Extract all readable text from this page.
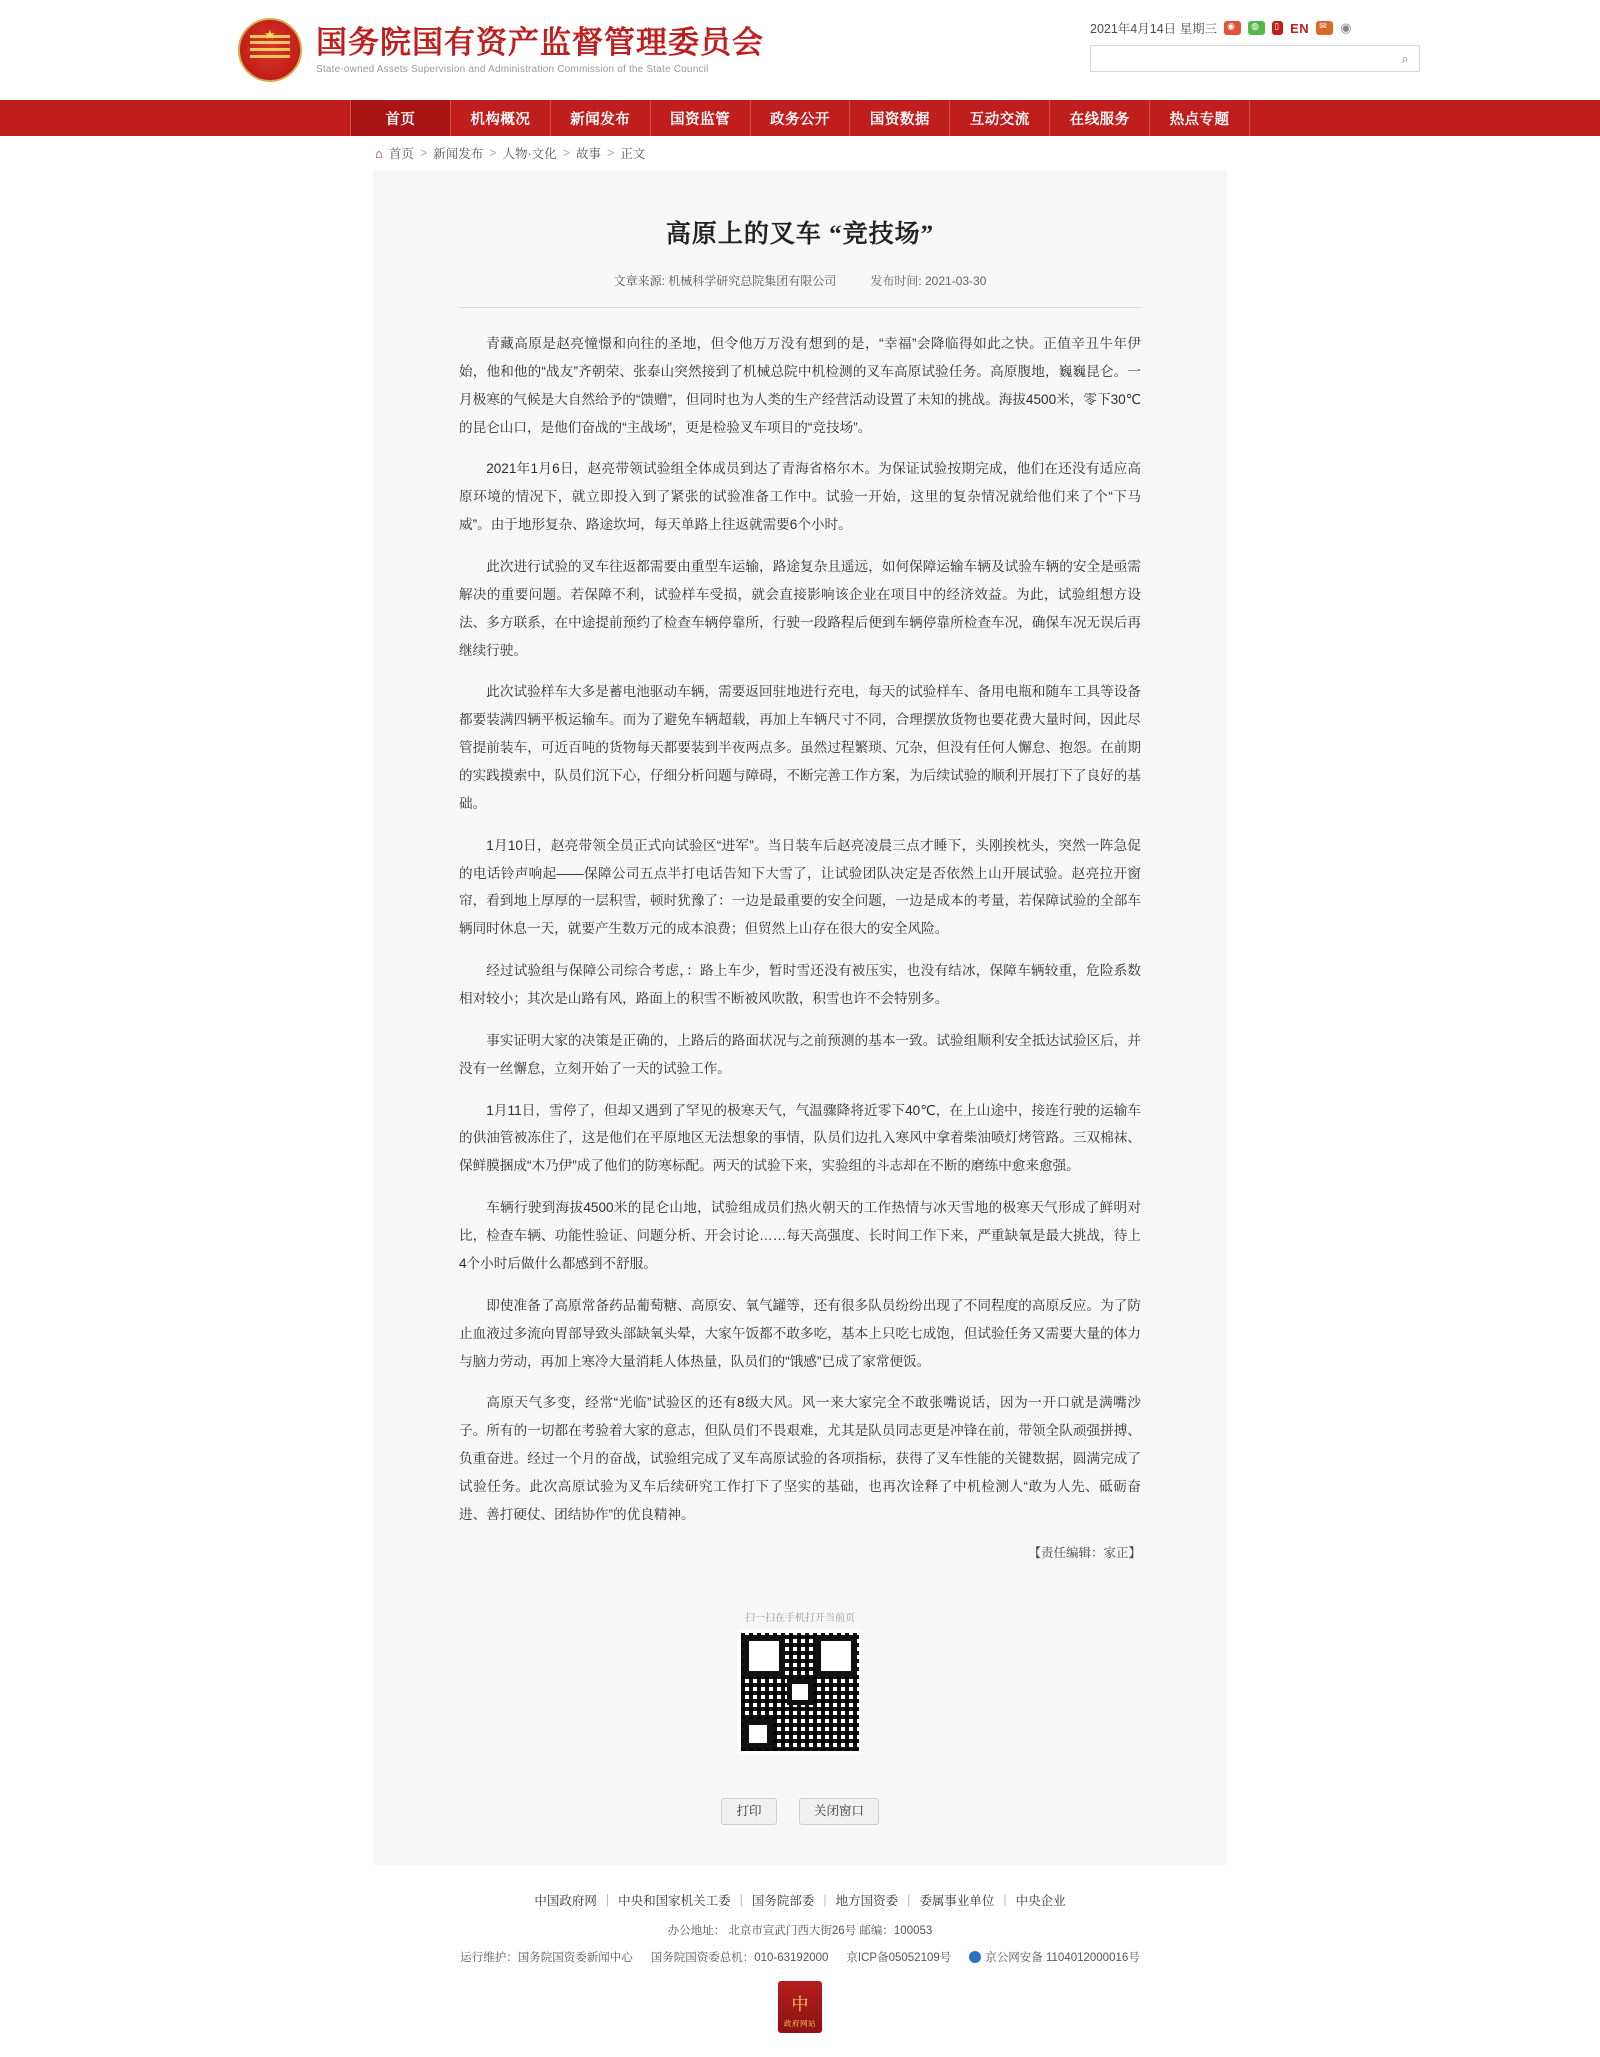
★
国务院国有资产监督管理委员会
State-owned Assets Supervision and Administration Commission of the State Council
2021年4月14日 星期三 ◉ ◍ ▯	EN ✉ ◉
⌕
首页	机构概况	新闻发布	国资监管	政务公开	国资数据	互动交流	在线服务	热点专题
⌂ 首页 > 新闻发布 > 人物·文化 > 故事 > 正文
高原上的叉车 “竞技场”
文章来源: 机械科学研究总院集团有限公司	发布时间: 2021-03-30

青藏高原是赵亮憧憬和向往的圣地，但令他万万没有想到的是，“幸福”会降临得如此之快。正值辛丑牛年伊始，他和他的“战友”齐朝荣、张泰山突然接到了机械总院中机检测的叉车高原试验任务。高原腹地，巍巍昆仑。一月极寒的气候是大自然给予的“馈赠”，但同时也为人类的生产经营活动设置了未知的挑战。海拔4500米，零下30℃的昆仑山口，是他们奋战的“主战场”，更是检验叉车项目的“竞技场”。

2021年1月6日，赵亮带领试验组全体成员到达了青海省格尔木。为保证试验按期完成，他们在还没有适应高原环境的情况下，就立即投入到了紧张的试验准备工作中。试验一开始，这里的复杂情况就给他们来了个“下马威”。由于地形复杂、路途坎坷，每天单路上往返就需要6个小时。

此次进行试验的叉车往返都需要由重型车运输，路途复杂且遥远，如何保障运输车辆及试验车辆的安全是亟需解决的重要问题。若保障不利，试验样车受损，就会直接影响该企业在项目中的经济效益。为此，试验组想方设法、多方联系，在中途提前预约了检查车辆停靠所，行驶一段路程后便到车辆停靠所检查车况，确保车况无误后再继续行驶。

此次试验样车大多是蓄电池驱动车辆，需要返回驻地进行充电，每天的试验样车、备用电瓶和随车工具等设备都要装满四辆平板运输车。而为了避免车辆超载，再加上车辆尺寸不同，合理摆放货物也要花费大量时间，因此尽管提前装车，可近百吨的货物每天都要装到半夜两点多。虽然过程繁琐、冗杂，但没有任何人懈怠、抱怨。在前期的实践摸索中，队员们沉下心，仔细分析问题与障碍，不断完善工作方案，为后续试验的顺利开展打下了良好的基础。

1月10日，赵亮带领全员正式向试验区“进军”。当日装车后赵亮凌晨三点才睡下，头刚挨枕头，突然一阵急促的电话铃声响起——保障公司五点半打电话告知下大雪了，让试验团队决定是否依然上山开展试验。赵亮拉开窗帘，看到地上厚厚的一层积雪，顿时犹豫了：一边是最重要的安全问题，一边是成本的考量，若保障试验的全部车辆同时休息一天，就要产生数万元的成本浪费；但贸然上山存在很大的安全风险。

经过试验组与保障公司综合考虑，：路上车少，暂时雪还没有被压实，也没有结冰，保障车辆较重，危险系数相对较小；其次是山路有风，路面上的积雪不断被风吹散，积雪也许不会特别多。

事实证明大家的决策是正确的，上路后的路面状况与之前预测的基本一致。试验组顺利安全抵达试验区后，并没有一丝懈怠，立刻开始了一天的试验工作。

1月11日，雪停了，但却又遇到了罕见的极寒天气，气温骤降将近零下40℃，在上山途中，接连行驶的运输车的供油管被冻住了，这是他们在平原地区无法想象的事情，队员们边扎入寒风中拿着柴油喷灯烤管路。三双棉袜、保鲜膜捆成“木乃伊”成了他们的防寒标配。两天的试验下来，实验组的斗志却在不断的磨练中愈来愈强。

车辆行驶到海拔4500米的昆仑山地，试验组成员们热火朝天的工作热情与冰天雪地的极寒天气形成了鲜明对比，检查车辆、功能性验证、问题分析、开会讨论……每天高强度、长时间工作下来，严重缺氧是最大挑战，待上4个小时后做什么都感到不舒服。

即使准备了高原常备药品葡萄糖、高原安、氧气罐等，还有很多队员纷纷出现了不同程度的高原反应。为了防止血液过多流向胃部导致头部缺氧头晕，大家午饭都不敢多吃，基本上只吃七成饱，但试验任务又需要大量的体力与脑力劳动，再加上寒冷大量消耗人体热量，队员们的“饿感”已成了家常便饭。

高原天气多变，经常“光临”试验区的还有8级大风。风一来大家完全不敢张嘴说话，因为一开口就是满嘴沙子。所有的一切都在考验着大家的意志，但队员们不畏艰难，尤其是队员同志更是冲锋在前，带领全队顽强拼搏、负重奋进。经过一个月的奋战，试验组完成了叉车高原试验的各项指标，获得了叉车性能的关键数据，圆满完成了试验任务。此次高原试验为叉车后续研究工作打下了坚实的基础，也再次诠释了中机检测人“敢为人先、砥砺奋进、善打硬仗、团结协作”的优良精神。

【责任编辑：家正】
扫一扫在手机打开当前页
打印	关闭窗口
中国政府网 | 中央和国家机关工委 | 国务院部委 | 地方国资委 | 委属事业单位 | 中央企业
办公地址： 北京市宣武门西大街26号 邮编：100053
运行维护：国务院国资委新闻中心 国务院国资委总机：010-63192000 京ICP备05052109号	京公网安备 1104012000016号
中 政府网站
